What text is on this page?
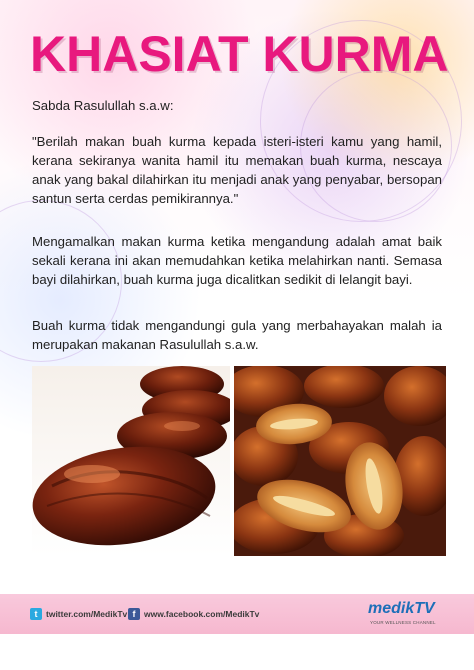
KHASIAT KURMA

Sabda Rasulullah s.a.w:

"Berilah makan buah kurma kepada isteri-isteri kamu yang hamil, kerana sekiranya wanita hamil itu memakan buah kurma, nescaya anak yang bakal dilahirkan itu menjadi anak yang penyabar, bersopan santun serta cerdas pemikirannya."

Mengamalkan makan kurma ketika mengandung adalah amat baik sekali kerana ini akan memudahkan ketika melahirkan nanti. Semasa bayi dilahirkan, buah kurma juga dicalitkan sedikit di lelangit bayi.

Buah kurma tidak mengandungi gula yang merbahayakan malah ia merupakan makanan Rasulullah s.a.w.

t	twitter.com/MedikTv f	www.facebook.com/MedikTv	medikTV
YOUR WELLNESS CHANNEL
